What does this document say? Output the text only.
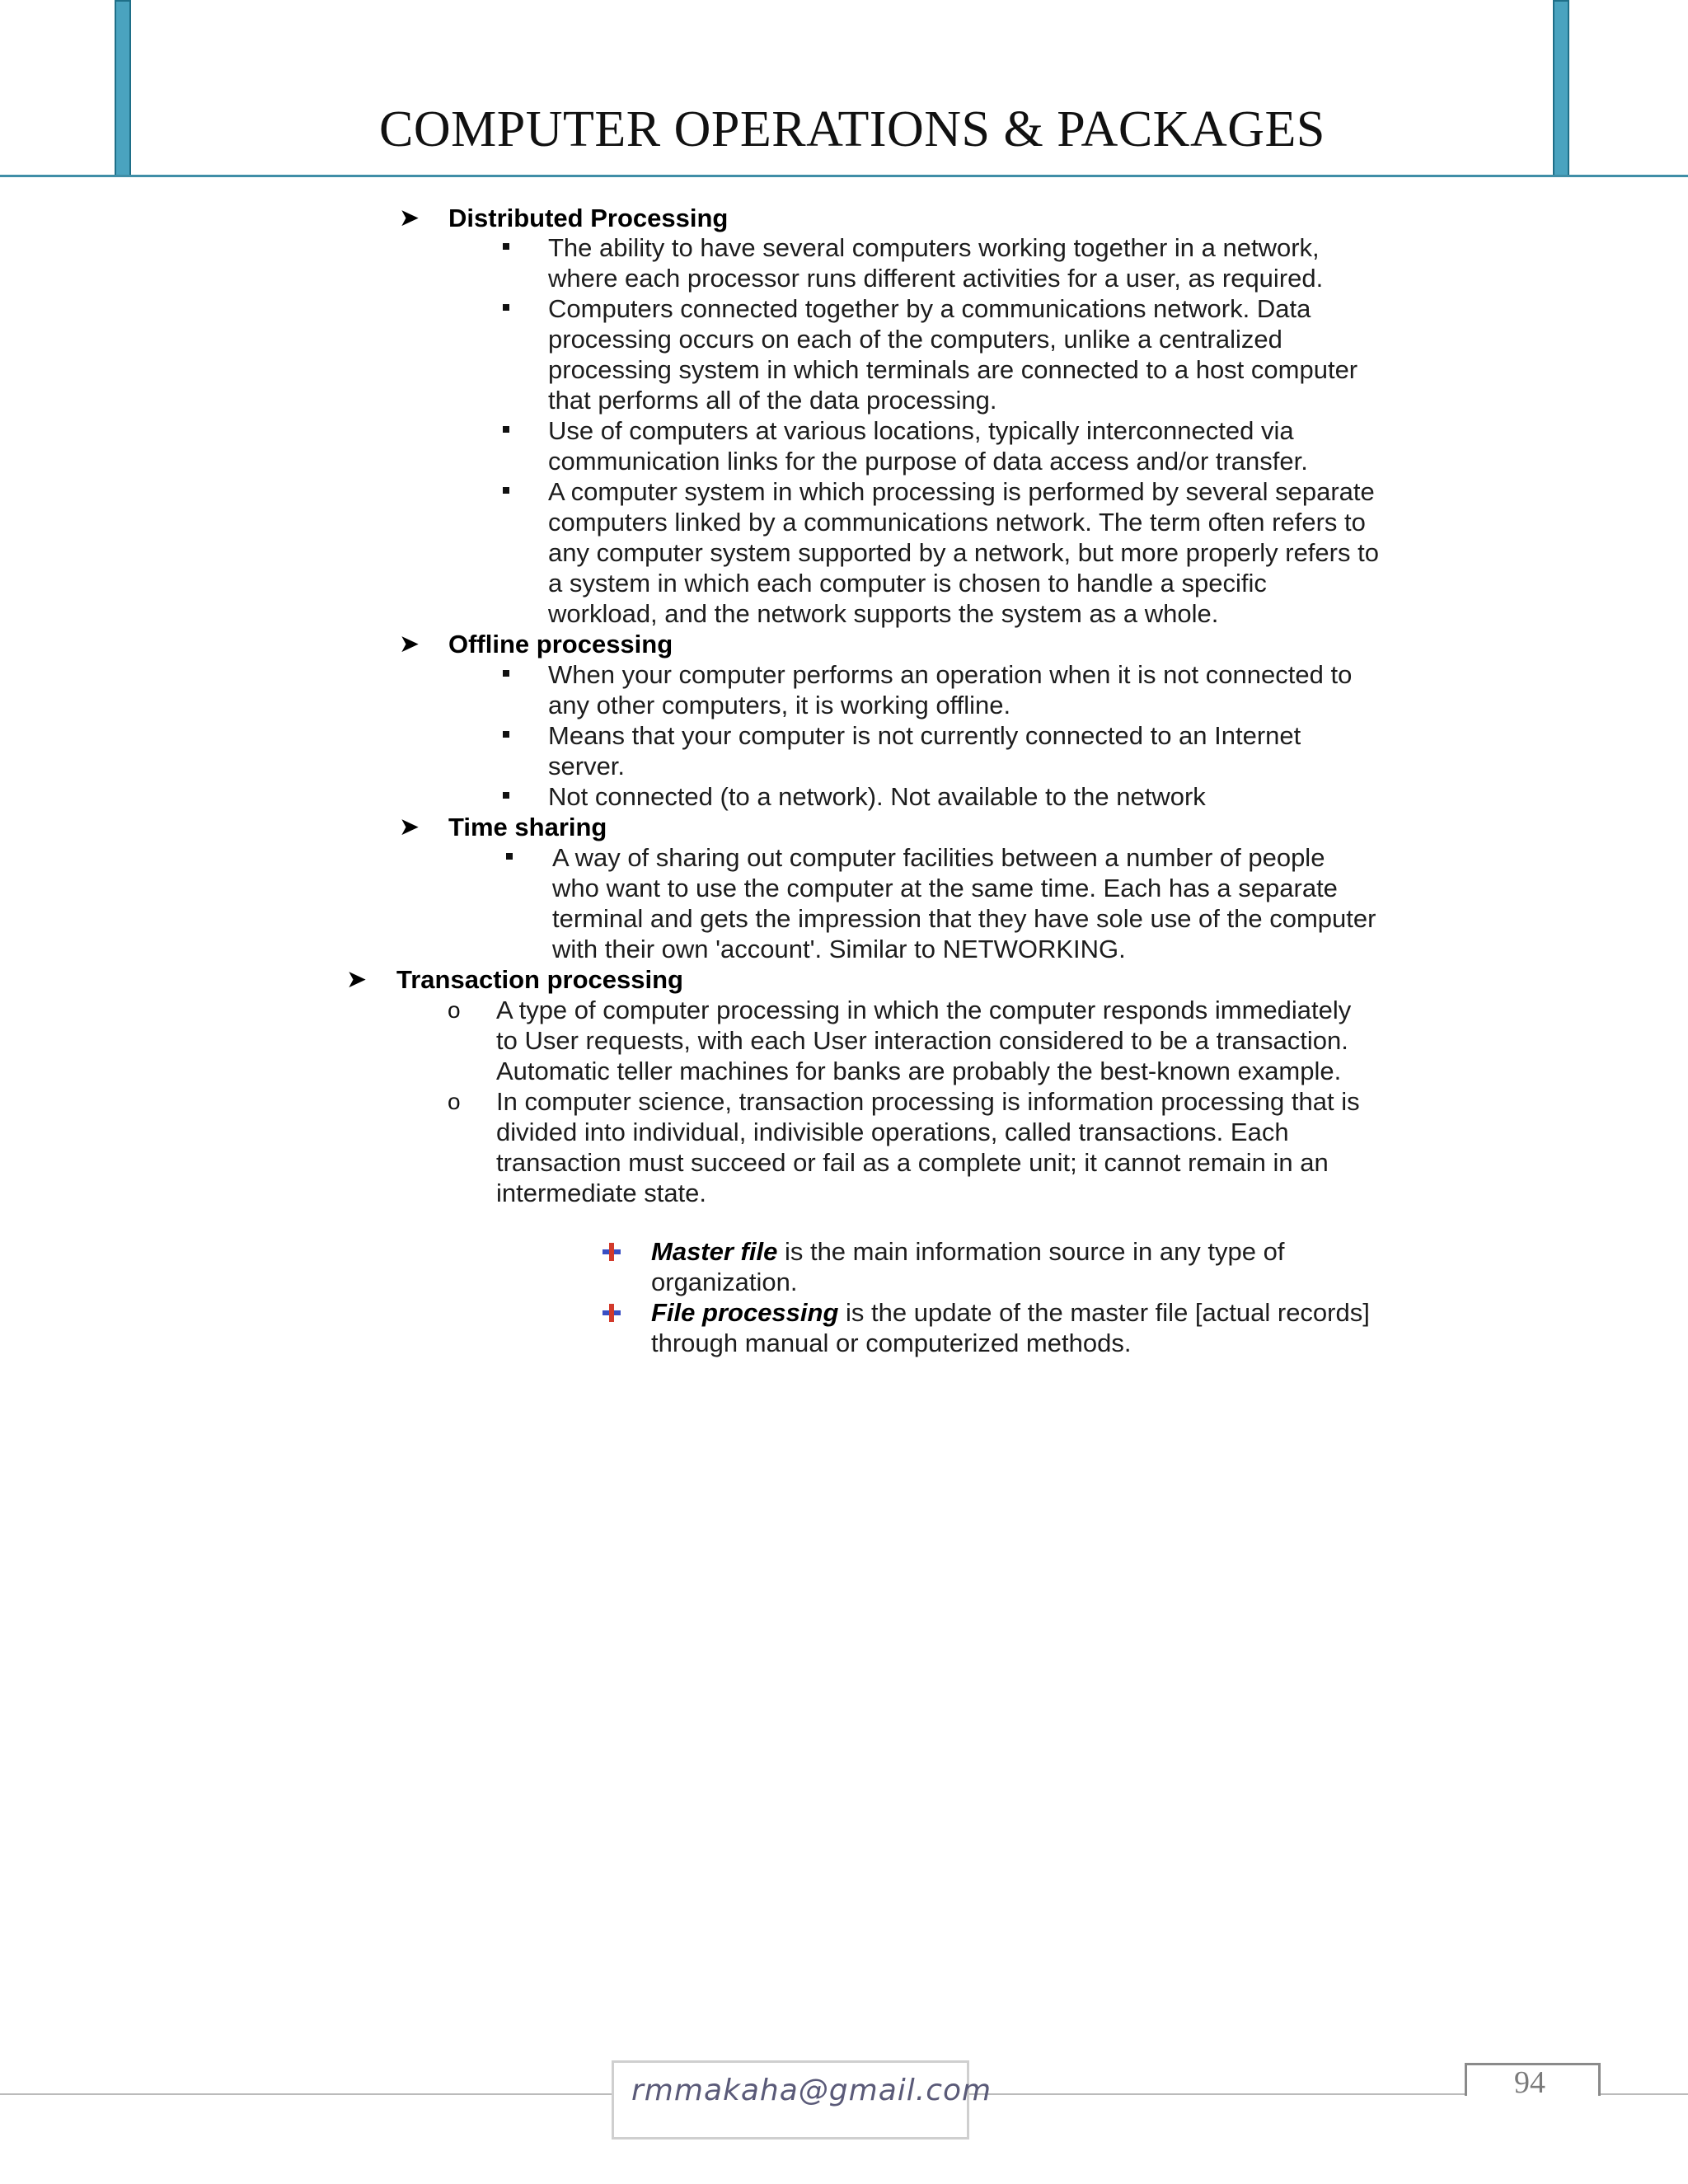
COMPUTER OPERATIONS & PACKAGES
➤ Distributed Processing
The ability to have several computers working together in a network,
where each processor runs different activities for a user, as required.
Computers connected together by a communications network. Data
processing occurs on each of the computers, unlike a centralized
processing system in which terminals are connected to a host computer
that performs all of the data processing.
Use of computers at various locations, typically interconnected via
communication links for the purpose of data access and/or transfer.
A computer system in which processing is performed by several separate
computers linked by a communications network. The term often refers to
any computer system supported by a network, but more properly refers to
a system in which each computer is chosen to handle a specific
workload, and the network supports the system as a whole.
➤ Offline processing
When your computer performs an operation when it is not connected to
any other computers, it is working offline.
Means that your computer is not currently connected to an Internet
server.
Not connected (to a network). Not available to the network
➤ Time sharing
A way of sharing out computer facilities between a number of people
who want to use the computer at the same time. Each has a separate
terminal and gets the impression that they have sole use of the computer
with their own 'account'. Similar to NETWORKING.
➤ Transaction processing
o A type of computer processing in which the computer responds immediately
to User requests, with each User interaction considered to be a transaction.
Automatic teller machines for banks are probably the best-known example.
o In computer science, transaction processing is information processing that is
divided into individual, indivisible operations, called transactions. Each
transaction must succeed or fail as a complete unit; it cannot remain in an
intermediate state.
Master file is the main information source in any type of
organization.
File processing is the update of the master file [actual records]
through manual or computerized methods.
rmmakaha@gmail.com	94
